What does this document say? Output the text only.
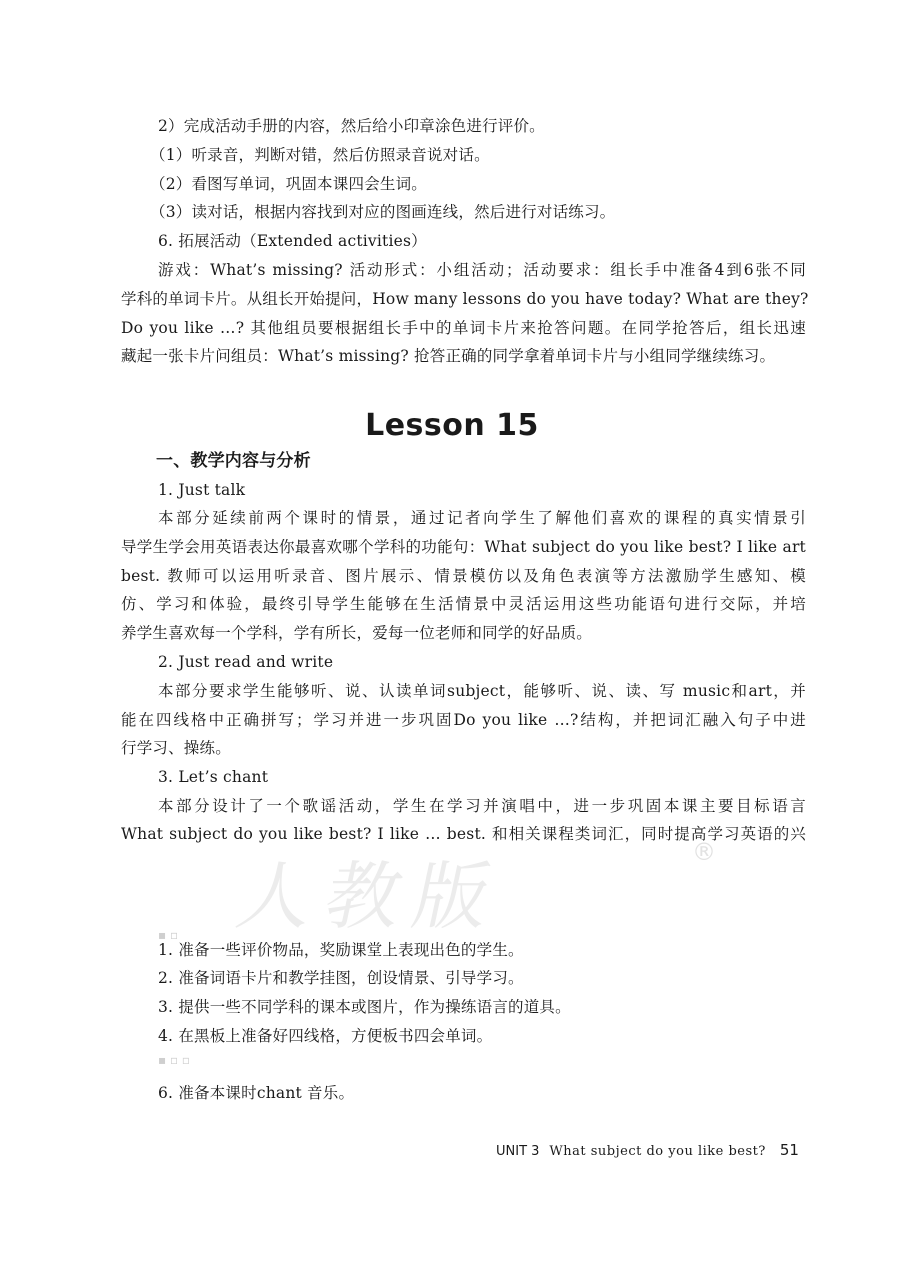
2）完成活动手册的内容，然后给小印章涂色进行评价。
（1）听录音，判断对错，然后仿照录音说对话。
（2）看图写单词，巩固本课四会生词。
（3）读对话，根据内容找到对应的图画连线，然后进行对话练习。
6. 拓展活动（Extended activities）
游戏：What’s missing? 活动形式：小组活动；活动要求：组长手中准备4到6张不同
学科的单词卡片。从组长开始提问，How many lessons do you have today? What are they?
Do you like …? 其他组员要根据组长手中的单词卡片来抢答问题。在同学抢答后，组长迅速
藏起一张卡片问组员：What’s missing? 抢答正确的同学拿着单词卡片与小组同学继续练习。
Lesson 15
一、教学内容与分析
1. Just talk
本部分延续前两个课时的情景，通过记者向学生了解他们喜欢的课程的真实情景引
导学生学会用英语表达你最喜欢哪个学科的功能句：What subject do you like best? I like art
best. 教师可以运用听录音、图片展示、情景模仿以及角色表演等方法激励学生感知、模
仿、学习和体验，最终引导学生能够在生活情景中灵活运用这些功能语句进行交际，并培
养学生喜欢每一个学科，学有所长，爱每一位老师和同学的好品质。
2. Just read and write
本部分要求学生能够听、说、认读单词subject，能够听、说、读、写 music和art，并
能在四线格中正确拼写；学习并进一步巩固Do you like …?结构，并把词汇融入句子中进
行学习、操练。
3. Let’s chant
本部分设计了一个歌谣活动，学生在学习并演唱中，进一步巩固本课主要目标语言
What subject do you like best? I like … best. 和相关课程类词汇，同时提高学习英语的兴
人教版
®
▪ ▫
▪ ▫ ▫
1. 准备一些评价物品，奖励课堂上表现出色的学生。
2. 准备词语卡片和教学挂图，创设情景、引导学习。
3. 提供一些不同学科的课本或图片，作为操练语言的道具。
4. 在黑板上准备好四线格，方便板书四会单词。
6. 准备本课时chant 音乐。
UNIT 3 What subject do you like best? 51
